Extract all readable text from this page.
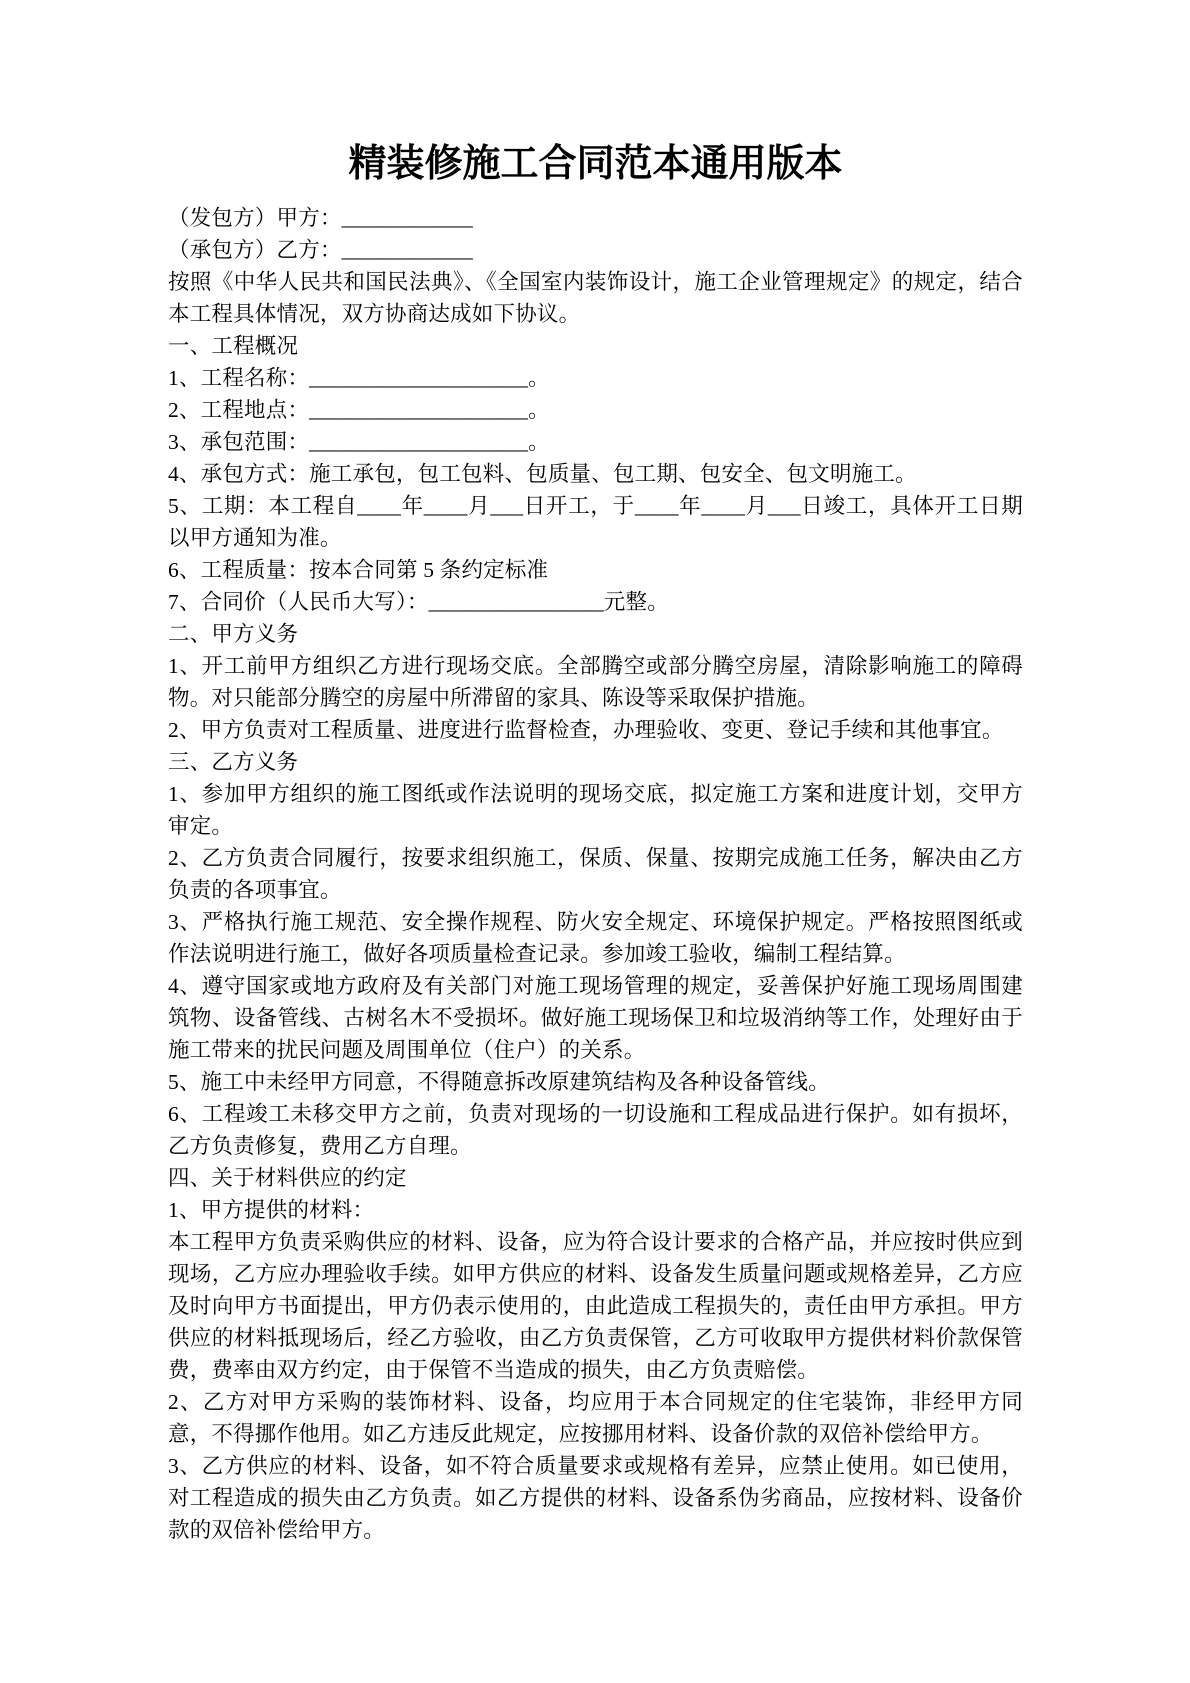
精装修施工合同范本通用版本

（发包方）甲方：____________

（承包方）乙方：____________

按照《中华人民共和国民法典》、《全国室内装饰设计，施工企业管理规定》的规定，结合本工程具体情况，双方协商达成如下协议。

一、工程概况

1、工程名称：____________________。

2、工程地点：____________________。

3、承包范围：____________________。

4、承包方式：施工承包，包工包料、包质量、包工期、包安全、包文明施工。

5、工期：本工程自____年____月___日开工，于____年____月___日竣工，具体开工日期以甲方通知为准。

6、工程质量：按本合同第 5 条约定标准

7、合同价（人民币大写）：________________元整。

二、甲方义务

1、开工前甲方组织乙方进行现场交底。全部腾空或部分腾空房屋，清除影响施工的障碍物。对只能部分腾空的房屋中所滞留的家具、陈设等采取保护措施。

2、甲方负责对工程质量、进度进行监督检查，办理验收、变更、登记手续和其他事宜。

三、乙方义务

1、参加甲方组织的施工图纸或作法说明的现场交底，拟定施工方案和进度计划，交甲方审定。

2、乙方负责合同履行，按要求组织施工，保质、保量、按期完成施工任务，解决由乙方负责的各项事宜。

3、严格执行施工规范、安全操作规程、防火安全规定、环境保护规定。严格按照图纸或作法说明进行施工，做好各项质量检查记录。参加竣工验收，编制工程结算。

4、遵守国家或地方政府及有关部门对施工现场管理的规定，妥善保护好施工现场周围建筑物、设备管线、古树名木不受损坏。做好施工现场保卫和垃圾消纳等工作，处理好由于施工带来的扰民问题及周围单位（住户）的关系。

5、施工中未经甲方同意，不得随意拆改原建筑结构及各种设备管线。

6、工程竣工未移交甲方之前，负责对现场的一切设施和工程成品进行保护。如有损坏，乙方负责修复，费用乙方自理。

四、关于材料供应的约定

1、甲方提供的材料：

本工程甲方负责采购供应的材料、设备，应为符合设计要求的合格产品，并应按时供应到现场，乙方应办理验收手续。如甲方供应的材料、设备发生质量问题或规格差异，乙方应及时向甲方书面提出，甲方仍表示使用的，由此造成工程损失的，责任由甲方承担。甲方供应的材料抵现场后，经乙方验收，由乙方负责保管，乙方可收取甲方提供材料价款保管费，费率由双方约定，由于保管不当造成的损失，由乙方负责赔偿。

2、乙方对甲方采购的装饰材料、设备，均应用于本合同规定的住宅装饰，非经甲方同意，不得挪作他用。如乙方违反此规定，应按挪用材料、设备价款的双倍补偿给甲方。

3、乙方供应的材料、设备，如不符合质量要求或规格有差异，应禁止使用。如已使用，对工程造成的损失由乙方负责。如乙方提供的材料、设备系伪劣商品，应按材料、设备价款的双倍补偿给甲方。
